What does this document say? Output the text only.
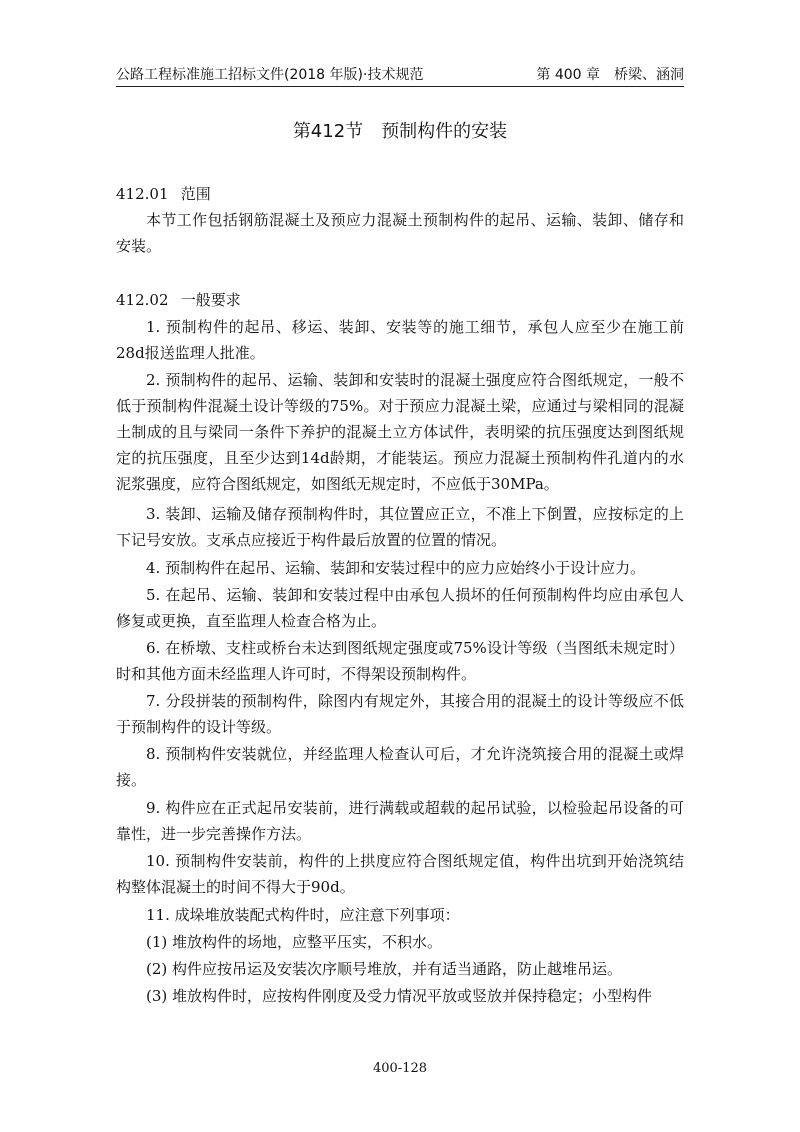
公路工程标准施工招标文件(2018 年版)·技术规范	第 400 章　桥梁、涵洞
第412节　预制构件的安装
412.01 范围
本节工作包括钢筋混凝土及预应力混凝土预制构件的起吊、运输、装卸、储存和安装。
412.02 一般要求
1. 预制构件的起吊、移运、装卸、安装等的施工细节，承包人应至少在施工前28d报送监理人批准。
2. 预制构件的起吊、运输、装卸和安装时的混凝土强度应符合图纸规定，一般不低于预制构件混凝土设计等级的75%。对于预应力混凝土梁，应通过与梁相同的混凝土制成的且与梁同一条件下养护的混凝土立方体试件，表明梁的抗压强度达到图纸规定的抗压强度，且至少达到14d龄期，才能装运。预应力混凝土预制构件孔道内的水泥浆强度，应符合图纸规定，如图纸无规定时，不应低于30MPa。
3. 装卸、运输及储存预制构件时，其位置应正立，不准上下倒置，应按标定的上下记号安放。支承点应接近于构件最后放置的位置的情况。
4. 预制构件在起吊、运输、装卸和安装过程中的应力应始终小于设计应力。
5. 在起吊、运输、装卸和安装过程中由承包人损坏的任何预制构件均应由承包人修复或更换，直至监理人检查合格为止。
6. 在桥墩、支柱或桥台未达到图纸规定强度或75%设计等级（当图纸未规定时）时和其他方面未经监理人许可时，不得架设预制构件。
7. 分段拼装的预制构件，除图内有规定外，其接合用的混凝土的设计等级应不低于预制构件的设计等级。
8. 预制构件安装就位，并经监理人检查认可后，才允许浇筑接合用的混凝土或焊接。
9. 构件应在正式起吊安装前，进行满载或超载的起吊试验，以检验起吊设备的可靠性，进一步完善操作方法。
10. 预制构件安装前，构件的上拱度应符合图纸规定值，构件出坑到开始浇筑结构整体混凝土的时间不得大于90d。
11. 成垛堆放装配式构件时，应注意下列事项：
(1) 堆放构件的场地，应整平压实，不积水。
(2) 构件应按吊运及安装次序顺号堆放，并有适当通路，防止越堆吊运。
(3) 堆放构件时，应按构件刚度及受力情况平放或竖放并保持稳定；小型构件
400-128
